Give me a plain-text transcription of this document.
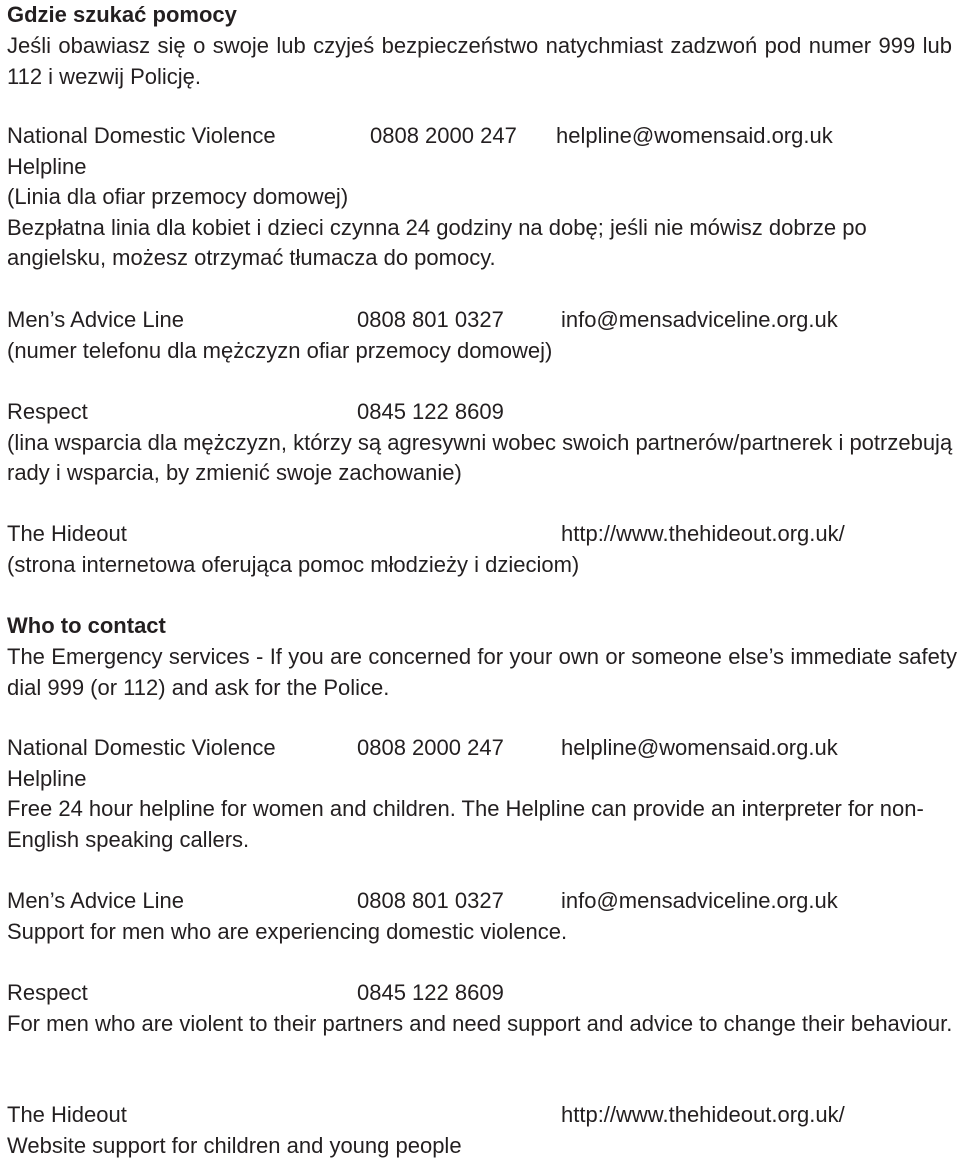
Gdzie szukać pomocy
Jeśli obawiasz się o swoje lub czyjeś bezpieczeństwo natychmiast zadzwoń pod numer 999 lub 112 i wezwij Policję.
National Domestic Violence	0808 2000 247 helpline@womensaid.org.uk
Helpline
(Linia dla ofiar przemocy domowej)
Bezpłatna linia dla kobiet i dzieci czynna 24 godziny na dobę; jeśli nie mówisz dobrze po angielsku, możesz otrzymać tłumacza do pomocy.
Men’s Advice Line	0808 801 0327	info@mensadviceline.org.uk
(numer telefonu dla mężczyzn ofiar przemocy domowej)
Respect	0845 122 8609
(lina wsparcia dla mężczyzn, którzy są agresywni wobec swoich partnerów/partnerek i potrzebują rady i wsparcia, by zmienić swoje zachowanie)
The Hideout	http://www.thehideout.org.uk/
(strona internetowa oferująca pomoc młodzieży i dzieciom)
Who to contact
The Emergency services - If you are concerned for your own or someone else’s immediate safety dial 999 (or 112) and ask for the Police.
National Domestic Violence	0808 2000 247	helpline@womensaid.org.uk
Helpline
Free 24 hour helpline for women and children. The Helpline can provide an interpreter for non-English speaking callers.
Men’s Advice Line	0808 801 0327	info@mensadviceline.org.uk
Support for men who are experiencing domestic violence.
Respect	0845 122 8609
For men who are violent to their partners and need support and advice to change their behaviour.
The Hideout	http://www.thehideout.org.uk/
Website support for children and young people
